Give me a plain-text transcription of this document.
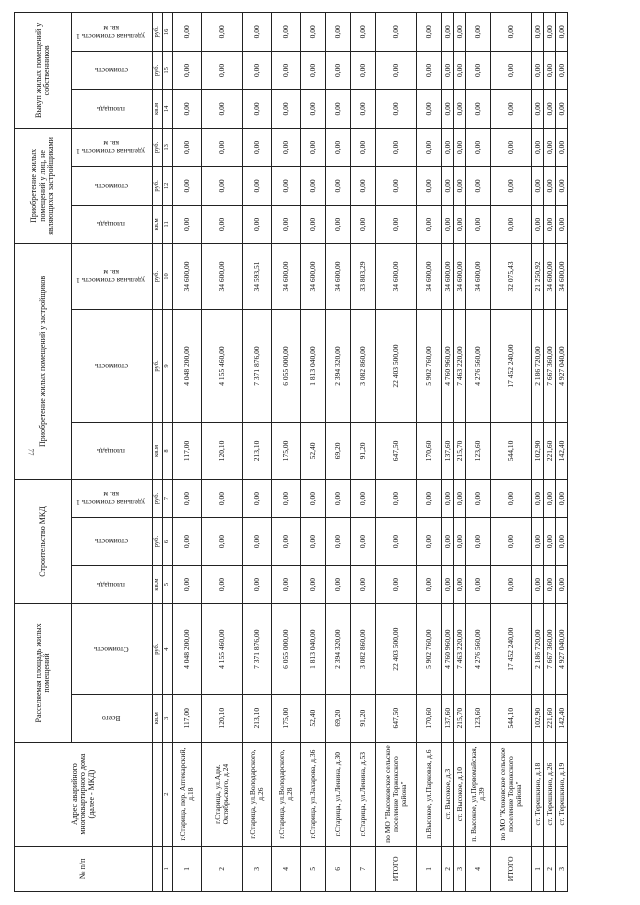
77
№ п/п	Адрес аварийного многоквартирного дома (далее - МКД)	Расселяемая площадь жилых помещений		Строительство МКД			Приобретение жилых помещений у застройщиков			Приобретение жилых помещений у лиц, не являющихся застройщиками			Выкуп жилых помещений у собственников		
		Всего	Стоимость	площадь	стоимость	удельная стоимость 1 кв. м	площадь	стоимость	удельная стоимость 1 кв. м	площадь	стоимость	удельная стоимость 1 кв. м	площадь	стоимость	удельная стоимость 1 кв. м
		кв.м	руб.	кв.м	руб.	руб.	кв.м	руб.	руб.	кв.м	руб.	руб.	кв.м	руб.	руб.
1	2	3	4	5	6	7	8	9	10	11	12	13	14	15	16
1	г.Старица, пер. Аптекарский, д.18	117,00	4 048 200,00	0,00	0,00	0,00	117,00	4 048 200,00	34 600,00	0,00	0,00	0,00	0,00	0,00	0,00
2	г.Старица, ул.Адм. Октябрьского, д.24	120,10	4 155 460,00	0,00	0,00	0,00	120,10	4 155 460,00	34 600,00	0,00	0,00	0,00	0,00	0,00	0,00
3	г.Старица, ул.Володарского, д.26	213,10	7 371 876,00	0,00	0,00	0,00	213,10	7 371 876,00	34 593,51	0,00	0,00	0,00	0,00	0,00	0,00
4	г.Старица, ул.Володарского, д.28	175,00	6 055 000,00	0,00	0,00	0,00	175,00	6 055 000,00	34 600,00	0,00	0,00	0,00	0,00	0,00	0,00
5	г.Старица, ул.Захарова, д.36	52,40	1 813 040,00	0,00	0,00	0,00	52,40	1 813 040,00	34 600,00	0,00	0,00	0,00	0,00	0,00	0,00
6	г.Старица, ул.Ленина, д.30	69,20	2 394 320,00	0,00	0,00	0,00	69,20	2 394 320,00	34 600,00	0,00	0,00	0,00	0,00	0,00	0,00
7	г.Старица, ул.Ленина, д.53	91,20	3 082 860,00	0,00	0,00	0,00	91,20	3 082 860,00	33 803,29	0,00	0,00	0,00	0,00	0,00	0,00
ИТОГО	по МО "Высоковское сельское поселение Торжокского района"	647,50	22 403 500,00	0,00	0,00	0,00	647,50	22 403 500,00	34 600,00	0,00	0,00	0,00	0,00	0,00	0,00
1	п.Высокое, ул.Парковая, д.6	170,60	5 902 760,00	0,00	0,00	0,00	170,60	5 902 760,00	34 600,00	0,00	0,00	0,00	0,00	0,00	0,00
2	ст. Высокое, д.3	137,60	4 760 960,00	0,00	0,00	0,00	137,60	4 760 960,00	34 600,00	0,00	0,00	0,00	0,00	0,00	0,00
3	ст. Высокое, д.10	215,70	7 463 220,00	0,00	0,00	0,00	215,70	7 463 220,00	34 600,00	0,00	0,00	0,00	0,00	0,00	0,00
4	п. Высокое, ул.Первомайская, д.39	123,60	4 276 560,00	0,00	0,00	0,00	123,60	4 276 560,00	34 600,00	0,00	0,00	0,00	0,00	0,00	0,00
ИТОГО	по МО "Клоковское сельское поселение Торжокского района"	544,10	17 452 240,00	0,00	0,00	0,00	544,10	17 452 240,00	32 075,43	0,00	0,00	0,00	0,00	0,00	0,00
1	ст. Терешкино, д.18	102,90	2 186 720,00	0,00	0,00	0,00	102,90	2 186 720,00	21 250,92	0,00	0,00	0,00	0,00	0,00	0,00
2	ст. Терешкино, д.26	221,60	7 667 360,00	0,00	0,00	0,00	221,60	7 667 360,00	34 600,00	0,00	0,00	0,00	0,00	0,00	0,00
3	ст. Терешкино, д.19	142,40	4 927 040,00	0,00	0,00	0,00	142,40	4 927 040,00	34 600,00	0,00	0,00	0,00	0,00	0,00	0,00
